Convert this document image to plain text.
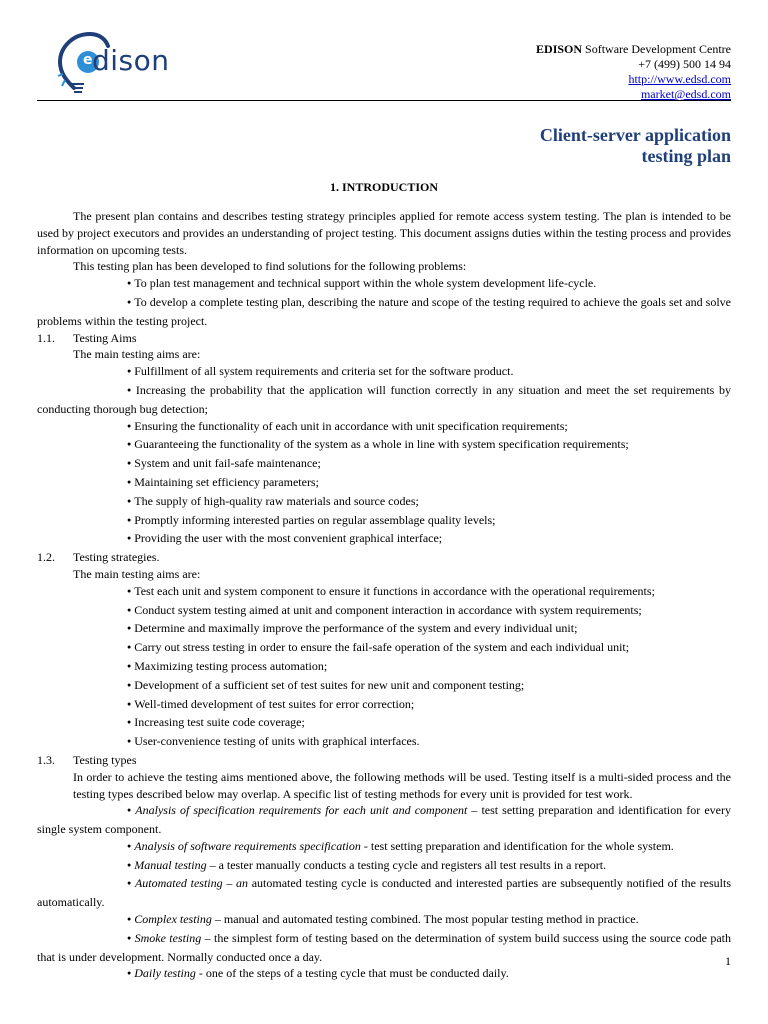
e dison	EDISON Software Development Centre
+7 (499) 500 14 94
http://www.edsd.com
market@edsd.com
Client-server application
testing plan
1. INTRODUCTION

The present plan contains and describes testing strategy principles applied for remote access system testing. The plan is intended to be used by project executors and provides an understanding of project testing. This document assigns duties within the testing process and provides information on upcoming tests.

This testing plan has been developed to find solutions for the following problems:

● To plan test management and technical support within the whole system development life-cycle.

● To develop a complete testing plan, describing the nature and scope of the testing required to achieve the goals set and solve problems within the testing project.

1.1.	Testing Aims

The main testing aims are:

● Fulfillment of all system requirements and criteria set for the software product.

● Increasing the probability that the application will function correctly in any situation and meet the set requirements by conducting thorough bug detection;

● Ensuring the functionality of each unit in accordance with unit specification requirements;

● Guaranteeing the functionality of the system as a whole in line with system specification requirements;

● System and unit fail-safe maintenance;

● Maintaining set efficiency parameters;

● The supply of high-quality raw materials and source codes;

● Promptly informing interested parties on regular assemblage quality levels;

● Providing the user with the most convenient graphical interface;

1.2.	Testing strategies.

The main testing aims are:

● Test each unit and system component to ensure it functions in accordance with the operational requirements;

● Conduct system testing aimed at unit and component interaction in accordance with system requirements;

● Determine and maximally improve the performance of the system and every individual unit;

● Carry out stress testing in order to ensure the fail-safe operation of the system and each individual unit;

● Maximizing testing process automation;

● Development of a sufficient set of test suites for new unit and component testing;

● Well-timed development of test suites for error correction;

● Increasing test suite code coverage;

● User-convenience testing of units with graphical interfaces.

1.3.	Testing types

In order to achieve the testing aims mentioned above, the following methods will be used. Testing itself is a multi-sided process and the testing types described below may overlap. A specific list of testing methods for every unit is provided for test work.

● Analysis of specification requirements for each unit and component – test setting preparation and identification for every single system component.

● Analysis of software requirements specification - test setting preparation and identification for the whole system.

● Manual testing – a tester manually conducts a testing cycle and registers all test results in a report.

● Automated testing – an automated testing cycle is conducted and interested parties are subsequently notified of the results automatically.

● Complex testing – manual and automated testing combined. The most popular testing method in practice.

● Smoke testing – the simplest form of testing based on the determination of system build success using the source code path that is under development. Normally conducted once a day.

● Daily testing - one of the steps of a testing cycle that must be conducted daily.

1
